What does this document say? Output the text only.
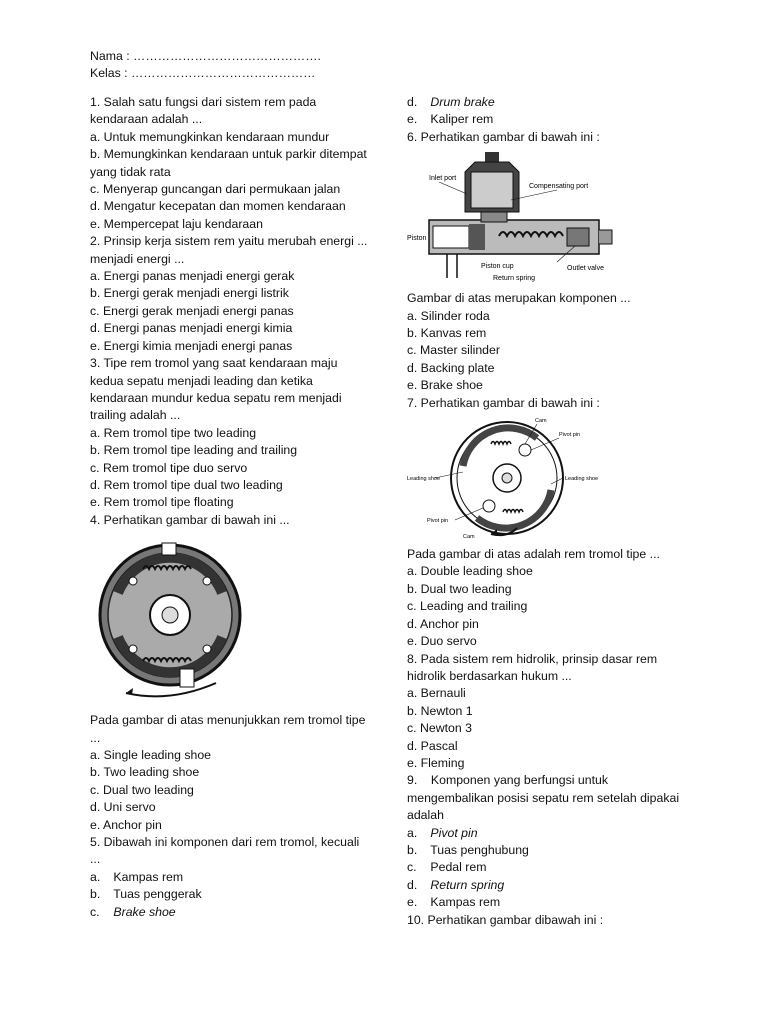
Nama : ……………………………………….
Kelas : ………………………………………
1. Salah satu fungsi dari sistem rem pada kendaraan adalah ...
a. Untuk memungkinkan kendaraan mundur
b. Memungkinkan kendaraan untuk parkir ditempat yang tidak rata
c. Menyerap guncangan dari permukaan jalan
d. Mengatur kecepatan dan momen kendaraan
e. Mempercepat laju kendaraan
2. Prinsip kerja sistem rem yaitu merubah energi ... menjadi energi ...
a. Energi panas menjadi energi gerak
b. Energi gerak menjadi energi listrik
c. Energi gerak menjadi energi panas
d. Energi panas menjadi energi kimia
e. Energi kimia menjadi energi panas
3. Tipe rem tromol yang saat kendaraan maju kedua sepatu menjadi leading dan ketika kendaraan mundur kedua sepatu rem menjadi trailing adalah ...
a. Rem tromol tipe two leading
b. Rem tromol tipe leading and trailing
c. Rem tromol tipe duo servo
d. Rem tromol tipe dual two leading
e. Rem tromol tipe floating
4. Perhatikan gambar di bawah ini ...
Pada gambar di atas menunjukkan rem tromol tipe ...
a. Single leading shoe
b. Two leading shoe
c. Dual two leading
d. Uni servo
e. Anchor pin
5. Dibawah ini komponen dari rem tromol, kecuali ...
a. Kampas rem
b. Tuas penggerak
c. Brake shoe
d. Drum brake
e. Kaliper rem
6. Perhatikan gambar di bawah ini :
Inlet port
Compensating port
Piston
Piston cup	Outlet valve
Return spring
Gambar di atas merupakan komponen ...
a. Silinder roda
b. Kanvas rem
c. Master silinder
d. Backing plate
e. Brake shoe
7. Perhatikan gambar di bawah ini :
Cam
Pivot pin
Leading shoe	Leading shoe
Pivot pin
Cam
Pada gambar di atas adalah rem tromol tipe ...
a. Double leading shoe
b. Dual two leading
c. Leading and trailing
d. Anchor pin
e. Duo servo
8. Pada sistem rem hidrolik, prinsip dasar rem hidrolik berdasarkan hukum ...
a. Bernauli
b. Newton 1
c. Newton 3
d. Pascal
e. Fleming
9.    Komponen yang berfungsi untuk mengembalikan posisi sepatu rem setelah dipakai adalah
a. Pivot pin
b. Tuas penghubung
c. Pedal rem
d. Return spring
e. Kampas rem
10. Perhatikan gambar dibawah ini :
